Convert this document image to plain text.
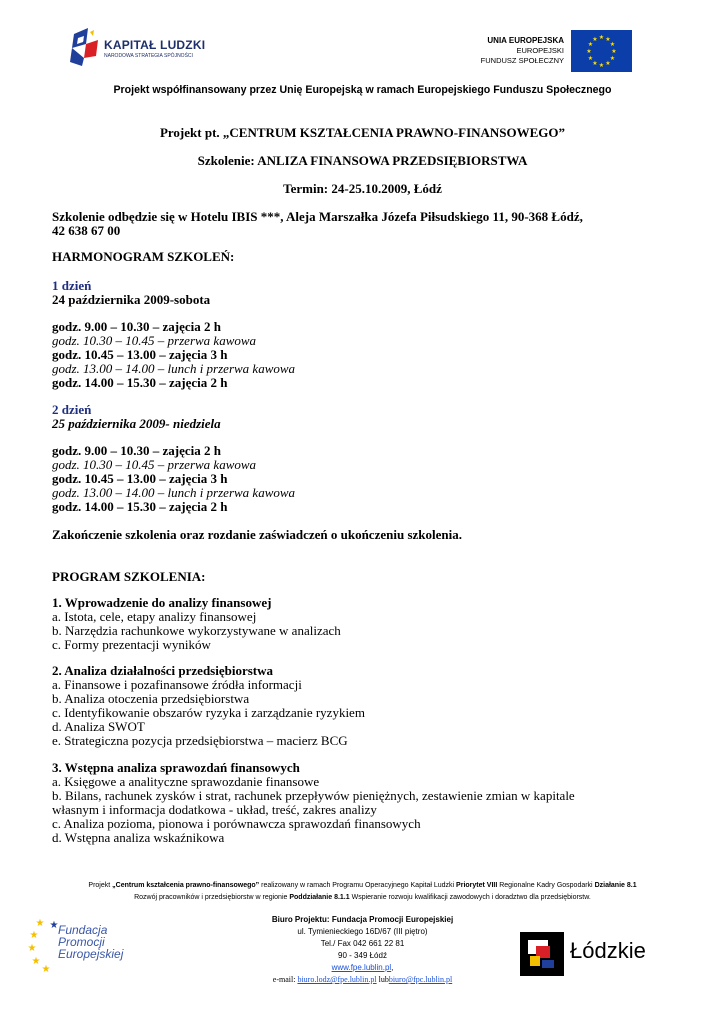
KAPITAŁ LUDZKI
NARODOWA STRATEGIA SPÓJNOŚCI
UNIA EUROPEJSKA
EUROPEJSKI
FUNDUSZ SPOŁECZNY
★ ★
★
★
★
★
★
★
★
★
★
★
Projekt współfinansowany przez Unię Europejską w ramach Europejskiego Funduszu Społecznego
Projekt pt. „CENTRUM KSZTAŁCENIA PRAWNO-FINANSOWEGO”
Szkolenie: ANLIZA FINANSOWA PRZEDSIĘBIORSTWA
Termin: 24-25.10.2009, Łódź
Szkolenie odbędzie się w Hotelu IBIS ***, Aleja Marszałka Józefa Piłsudskiego 11, 90-368 Łódź,
42 638 67 00
HARMONOGRAM SZKOLEŃ:
1 dzień
24 października 2009-sobota
godz. 9.00 – 10.30 – zajęcia 2 h
godz. 10.30 – 10.45 – przerwa kawowa
godz. 10.45 – 13.00 – zajęcia 3 h
godz. 13.00 – 14.00 – lunch i przerwa kawowa
godz. 14.00 – 15.30 – zajęcia 2 h
2 dzień
25 października 2009- niedziela
godz. 9.00 – 10.30 – zajęcia 2 h
godz. 10.30 – 10.45 – przerwa kawowa
godz. 10.45 – 13.00 – zajęcia 3 h
godz. 13.00 – 14.00 – lunch i przerwa kawowa
godz. 14.00 – 15.30 – zajęcia 2 h
Zakończenie szkolenia oraz rozdanie zaświadczeń o ukończeniu szkolenia.
PROGRAM SZKOLENIA:
1. Wprowadzenie do analizy finansowej
a. Istota, cele, etapy analizy finansowej
b. Narzędzia rachunkowe wykorzystywane w analizach
c. Formy prezentacji wyników
2. Analiza działalności przedsiębiorstwa
a. Finansowe i pozafinansowe źródła informacji
b. Analiza otoczenia przedsiębiorstwa
c. Identyfikowanie obszarów ryzyka i zarządzanie ryzykiem
d. Analiza SWOT
e. Strategiczna pozycja przedsiębiorstwa – macierz BCG
3. Wstępna analiza sprawozdań finansowych
a. Księgowe a analityczne sprawozdanie finansowe
b. Bilans, rachunek zysków i strat, rachunek przepływów pieniężnych, zestawienie zmian w kapitale
własnym i informacja dodatkowa - układ, treść, zakres analizy
c. Analiza pozioma, pionowa i porównawcza sprawozdań finansowych
d. Wstępna analiza wskaźnikowa
Projekt „Centrum kształcenia prawno-finansowego” realizowany w ramach Programu Operacyjnego Kapitał Ludzki Priorytet VIII Regionalne Kadry Gospodarki Działanie 8.1
Rozwój pracowników i przedsiębiorstw w regionie Poddziałanie 8.1.1 Wspieranie rozwoju kwalifikacji zawodowych i doradztwo dla przedsiębiorstw.
★
★
★
★
★
★ Fundacja
Promocji
Europejskiej
Biuro Projektu: Fundacja Promocji Europejskiej
ul. Tymienieckiego 16D/67 (III piętro)
Tel./ Fax 042 661 22 81
90 - 349 Łódź
www.fpe.lublin.pl,
e-mail: biuro.lodz@fpe.lublin.pl lubbiuro@fpc.lublin.pl
Łódzkie
